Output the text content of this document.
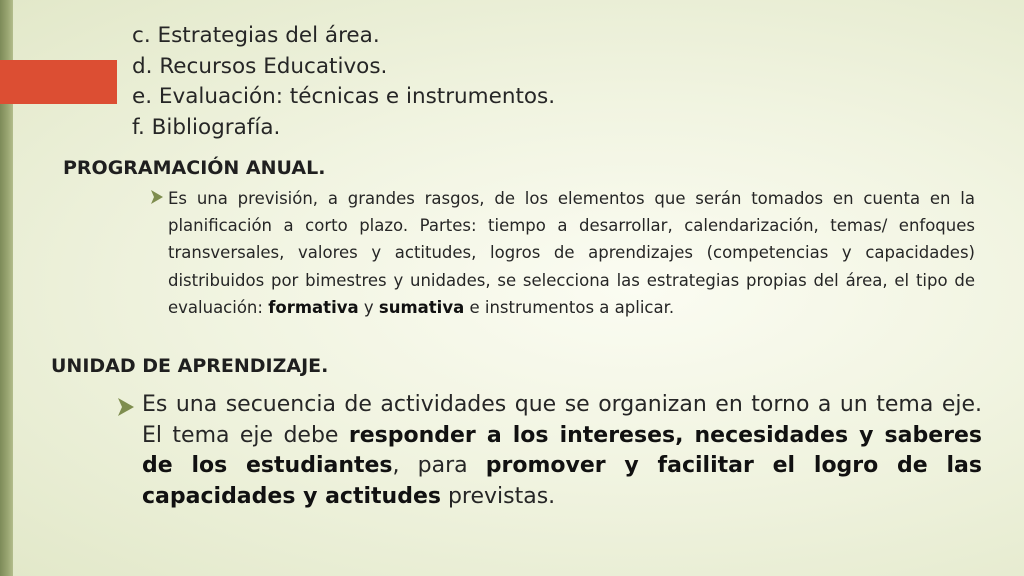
c. Estrategias del área.
d. Recursos Educativos.
e. Evaluación: técnicas e instrumentos.
f. Bibliografía.
PROGRAMACIÓN ANUAL.
Es una previsión, a grandes rasgos, de los elementos que serán tomados en cuenta en la planificación a corto plazo. Partes: tiempo a desarrollar, calendarización, temas/ enfoques transversales, valores y actitudes, logros de aprendizajes (competencias y capacidades) distribuidos por bimestres y unidades, se selecciona las estrategias propias del área, el tipo de evaluación: formativa y sumativa e instrumentos a aplicar.
UNIDAD DE APRENDIZAJE.
Es una secuencia de actividades que se organizan en torno a un tema eje. El tema eje debe responder a los intereses, necesidades y saberes de los estudiantes, para promover y facilitar el logro de las capacidades y actitudes previstas.
